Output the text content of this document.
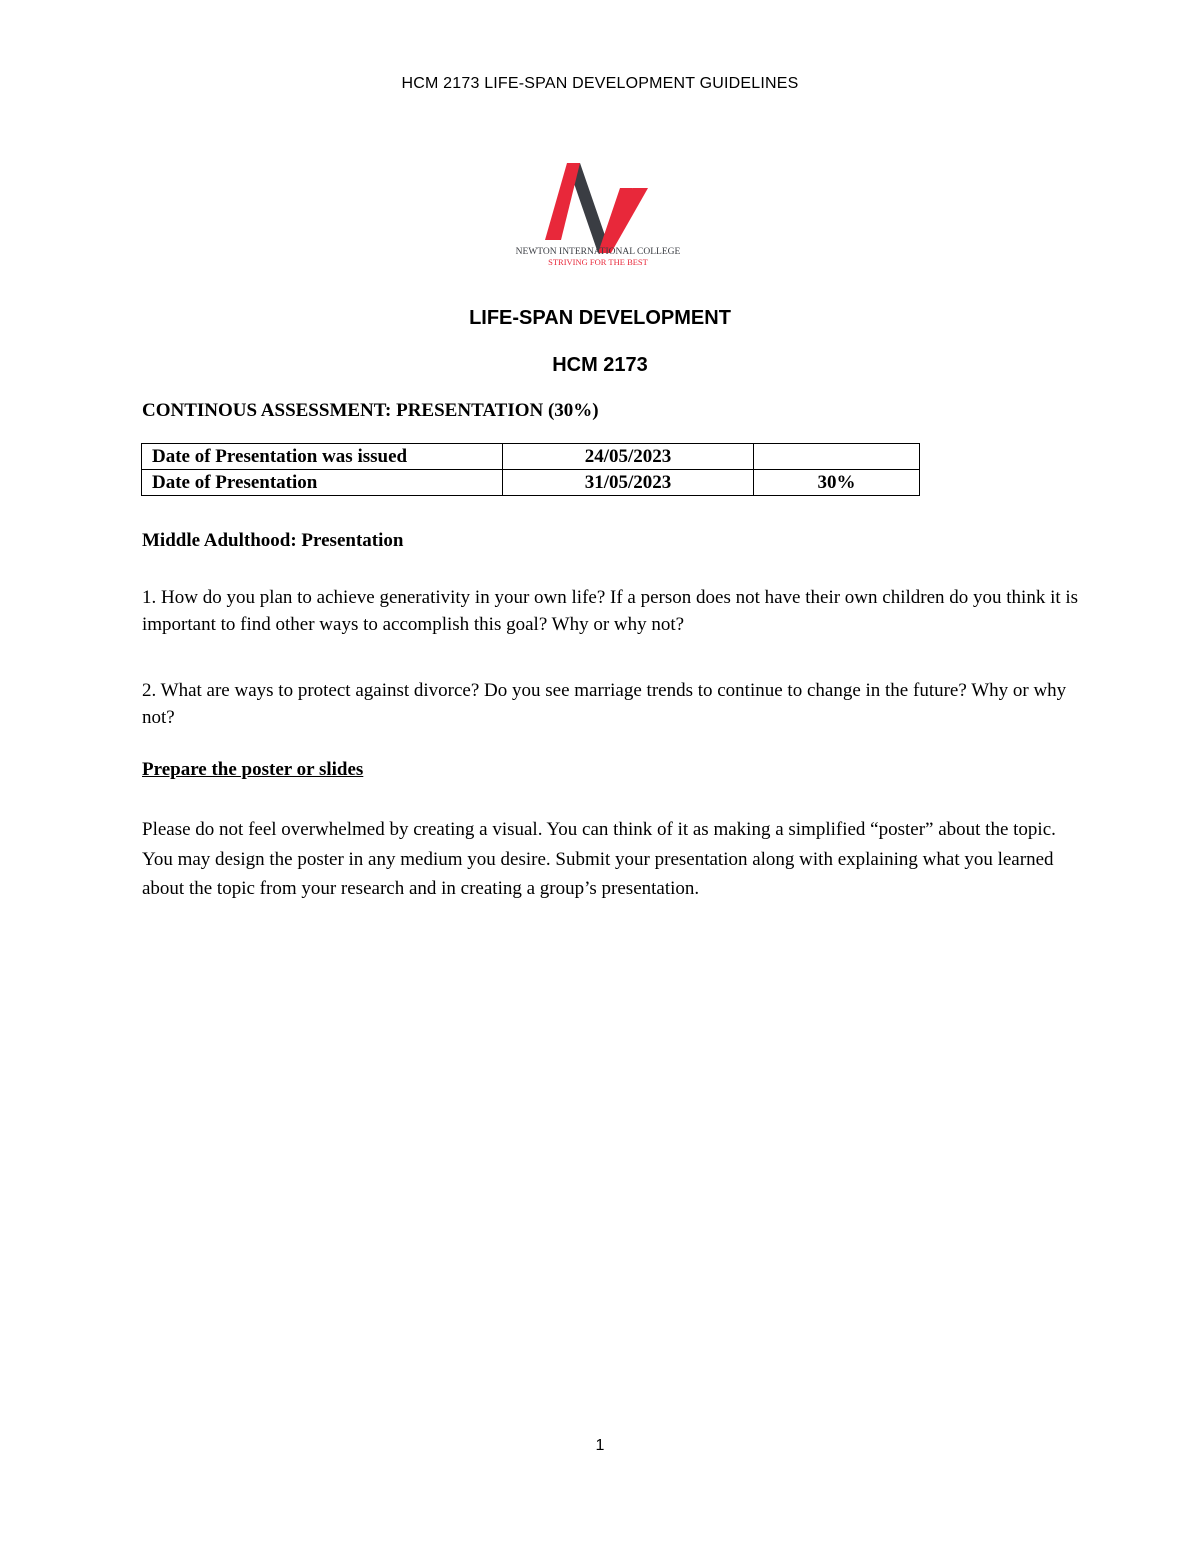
HCM 2173 LIFE-SPAN DEVELOPMENT GUIDELINES
NEWTON INTERNATIONAL COLLEGE
STRIVING FOR THE BEST
LIFE-SPAN DEVELOPMENT
HCM 2173
CONTINOUS ASSESSMENT: PRESENTATION (30%)
Date of Presentation was issued	24/05/2023	
Date of Presentation	31/05/2023	30%
Middle Adulthood: Presentation
1. How do you plan to achieve generativity in your own life? If a person does not have their own children do you think it is important to find other ways to accomplish this goal? Why or why not?
2. What are ways to protect against divorce? Do you see marriage trends to continue to change in the future? Why or why not?
Prepare the poster or slides
Please do not feel overwhelmed by creating a visual. You can think of it as making a simplified “poster” about the topic. You may design the poster in any medium you desire. Submit your presentation along with explaining what you learned about the topic from your research and in creating a group’s presentation.
1
